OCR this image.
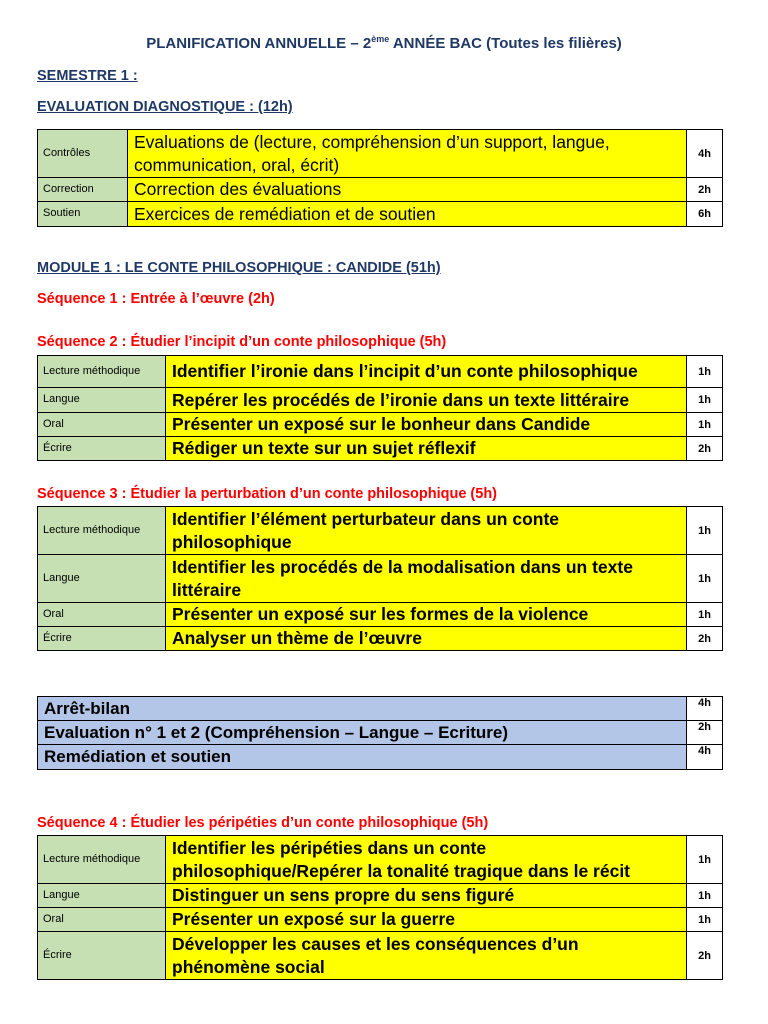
PLANIFICATION ANNUELLE – 2ème ANNÉE BAC (Toutes les filières)
SEMESTRE 1 :
EVALUATION DIAGNOSTIQUE : (12h)
Contrôles	Evaluations de (lecture, compréhension d’un support, langue, communication, oral, écrit)	4h
Correction	Correction des évaluations	2h
Soutien	Exercices de remédiation et de soutien	6h
MODULE 1 : LE CONTE PHILOSOPHIQUE : CANDIDE (51h)
Séquence 1 : Entrée à l’œuvre (2h)
Séquence 2 : Étudier l’incipit d’un conte philosophique (5h)
Lecture méthodique	Identifier l’ironie dans l’incipit d’un conte philosophique	1h
Langue	Repérer les procédés de l’ironie dans un texte littéraire	1h
Oral	Présenter un exposé sur le bonheur dans Candide	1h
Écrire	Rédiger un texte sur un sujet réflexif	2h
Séquence 3 : Étudier la perturbation d’un conte philosophique (5h)
Lecture méthodique	Identifier l’élément perturbateur dans un conte philosophique	1h
Langue	Identifier les procédés de la modalisation dans un texte littéraire	1h
Oral	Présenter un exposé sur les formes de la violence	1h
Écrire	Analyser un thème de l’œuvre	2h
Arrêt-bilan	4h
Evaluation n° 1 et 2 (Compréhension – Langue – Ecriture)	2h
Remédiation et soutien	4h
Séquence 4 : Étudier les péripéties d’un conte philosophique (5h)
Lecture méthodique	Identifier les péripéties dans un conte philosophique/Repérer la tonalité tragique dans le récit	1h
Langue	Distinguer un sens propre du sens figuré	1h
Oral	Présenter un exposé sur la guerre	1h
Écrire	Développer les causes et les conséquences d’un phénomène social	2h
